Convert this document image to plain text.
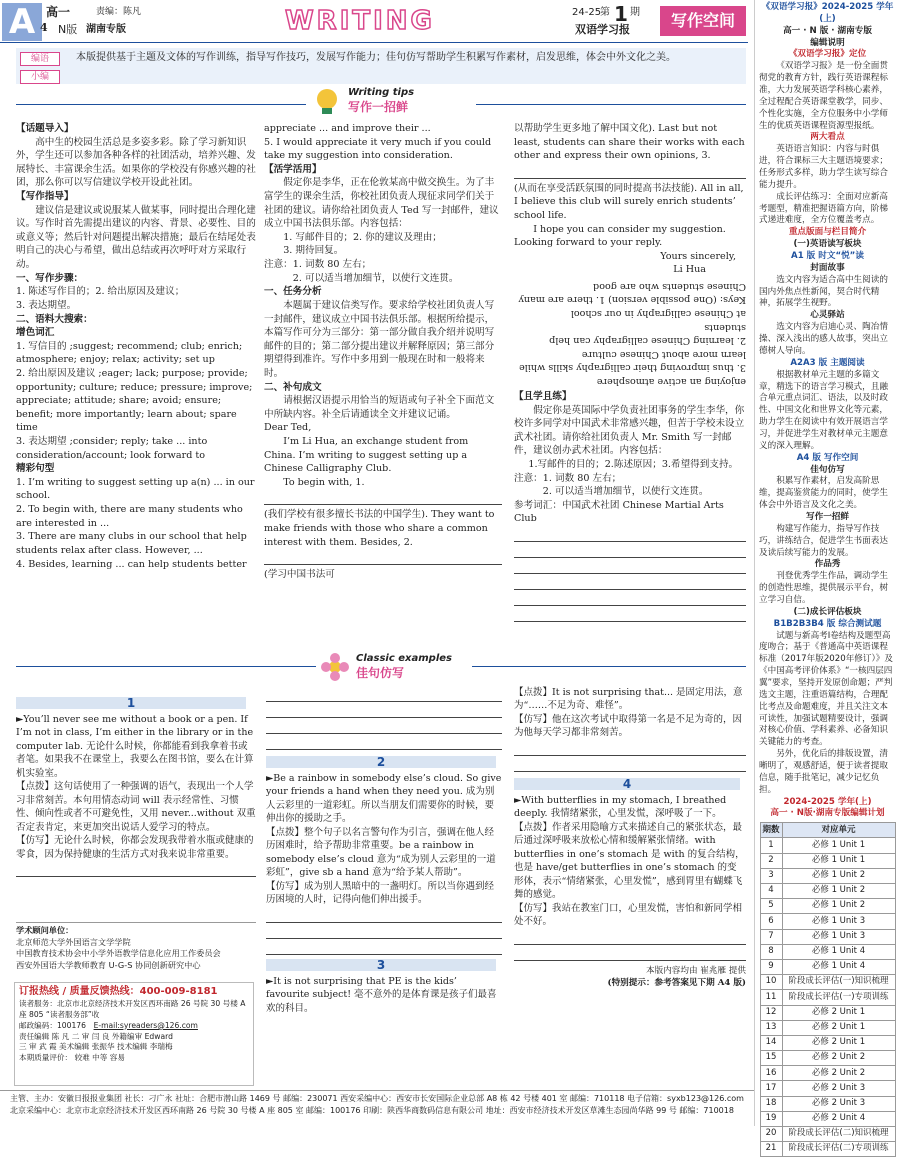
A 高一	责编：陈凡
4 N版 湖南专版	WRITING	24-25
第 1 期
双语学习报	写作空间
编语
小编
本版提供基于主题及文体的写作训练，指导写作技巧，发展写作能力；佳句仿写帮助学生积累写作素材，启发思维，体会中外文化之美。
Writing tips
写作一招鲜
【话题导入】
高中生的校园生活总是多姿多彩。除了学习新知识外，学生还可以参加各种各样的社团活动，培养兴趣、发展特长、丰富课余生活。如果你的学校没有你感兴趣的社团，那么你可以写信建议学校开设此社团。
【写作指导】
建议信是建议或说服某人做某事，同时提出合理化建议。写作时首先需提出建议的内容、背景、必要性、目的或意义等；然后针对问题提出解决措施；最后在结尾处表明自己的决心与希望，做出总结或再次呼吁对方采取行动。
一、写作步骤：
1. 陈述写作目的；2. 给出原因及建议；
3. 表达期望。
二、语料大搜索：
增色词汇
1. 写信目的 ;suggest; recommend; club; enrich; atmosphere; enjoy; relax; activity; set up
2. 给出原因及建议 ;eager; lack; purpose; provide; opportunity; culture; reduce; pressure; improve; appreciate; attitude; share; avoid; ensure; benefit; more importantly; learn about; spare time
3. 表达期望 ;consider; reply; take ... into consideration/account; look forward to
精彩句型
1. I’m writing to suggest setting up a(n) ... in our school.
2. To begin with, there are many students who are interested in ...
3. There are many clubs in our school that help students relax after class. However, ...
4. Besides, learning ... can help students better
appreciate ... and improve their ...
5. I would appreciate it very much if you could take my suggestion into consideration.
【活学活用】
假定你是李华，正在伦敦某高中做交换生。为了丰富学生的课余生活，你校社团负责人现征求同学们关于社团的建议。请你给社团负责人 Ted 写一封邮件，建议成立中国书法俱乐部。内容包括：
1. 写邮件目的；2. 你的建议及理由；
3. 期待回复。
注意：1. 词数 80 左右；
2. 可以适当增加细节，以使行文连贯。
一、任务分析
本题属于建议信类写作。要求给学校社团负责人写一封邮件，建议成立中国书法俱乐部。根据所给提示，本篇写作可分为三部分：第一部分做自我介绍并说明写邮件的目的；第二部分提出建议并解释原因；第三部分期望得到准许。写作中多用到一般现在时和一般将来时。
二、补句成文
请根据汉语提示用恰当的短语或句子补全下面范文中所缺内容。补全后请通读全文并建议记诵。
Dear Ted,
I’m Li Hua, an exchange student from China. I’m writing to suggest setting up a Chinese Calligraphy Club.
To begin with, 1.
(我们学校有很多擅长书法的中国学生). They want to make friends with those who share a common interest with them. Besides, 2.
(学习中国书法可
以帮助学生更多地了解中国文化). Last but not least, students can share their works with each other and express their own opinions, 3.
(从而在享受活跃氛围的同时提高书法技能). All in all, I believe this club will surely enrich students’ school life.
I hope you can consider my suggestion. Looking forward to your reply.
Yours sincerely,
Li Hua
enjoying an active atmosphere
3. thus improving their calligraphy skills while
learn more about Chinese culture
2. learning Chinese calligraphy can help students
at Chinese calligraphy in our school
Keys: (One possible version) 1. there are many Chinese students who are good
【且学且练】
假定你是英国际中学负责社团事务的学生李华，你校许多同学对中国武术非常感兴趣，但苦于学校未设立武术社团。请你给社团负责人 Mr. Smith 写一封邮件，建议创办武术社团。内容包括：
1.写邮件的目的；2.陈述原因；3.希望得到支持。
注意：1. 词数 80 左右；
2. 可以适当增加细节，以使行文连贯。
参考词汇：中国武术社团 Chinese Martial Arts Club
Classic examples
佳句仿写
1
►You’ll never see me without a book or a pen. If I’m not in class, I’m either in the library or in the computer lab. 无论什么时候，你都能看到我拿着书或者笔。如果我不在课堂上，我要么在图书馆，要么在计算机实验室。
【点拨】这句话使用了一种强调的语气，表现出一个人学习非常刻苦。本句用情态动词 will 表示经常性、习惯性、倾向性或者不可避免性，又用 never...without 双重否定表肯定，来更加突出说话人爱学习的特点。
【仿写】无论什么时候，你都会发现我带着水瓶或健康的零食，因为保持健康的生活方式对我来说非常重要。
学术顾问单位：
北京师范大学外国语言文学学院
中国教育技术协会中小学外语教学信息化应用工作委员会
西安外国语大学教师教育 U-G-S 协同创新研究中心
订报热线 / 质量反馈热线：400-009-8181
读者服务：北京市北京经济技术开发区西环南路 26 号院 30 号楼 A 座 805 “读者服务部”收
邮政编码：100176　 E-mail:syreaders@126.com
责任编辑 陈 凡 二 审 闫 良 外籍编审 Edward
三 审 武 霞 美术编辑 张振华 技术编辑 李瑞梅
本期质量评价： 较难 中等 容易
2
►Be a rainbow in somebody else’s cloud. So give your friends a hand when they need you. 成为别人云彩里的一道彩虹。所以当朋友们需要你的时候，要伸出你的援助之手。
【点拨】整个句子以名言警句作为引言，强调在他人经历困难时，给予帮助非常重要。be a rainbow in somebody else’s cloud 意为“成为别人云彩里的一道彩虹”，give sb a hand 意为“给予某人帮助”。
【仿写】成为别人黑暗中的一盏明灯。所以当你遇到经历困境的人时，记得向他们伸出援手。
3
►It is not surprising that PE is the kids’ favourite subject! 毫不意外的是体育课是孩子们最喜欢的科目。
【点拨】It is not surprising that... 是固定用法，意为“……不足为奇、难怪”。
【仿写】他在这次考试中取得第一名是不足为奇的，因为他每天学习都非常刻苦。
4
►With butterflies in my stomach, I breathed deeply. 我情绪紧张，心里发慌，深呼吸了一下。
【点拨】作者采用隐喻方式来描述自己的紧张状态，最后通过深呼吸来放松心情和缓解紧张情绪。with butterflies in one’s stomach 是 with 的复合结构，也是 have/get butterflies in one’s stomach 的变形体，表示“情绪紧张，心里发慌”，感到胃里有蝴蝶飞舞的感觉。
【仿写】我站在教室门口，心里发慌，害怕和新同学相处不好。
本版内容均由 崔兆雁 提供
(特别提示：参考答案见下期 A4 版)
主管、主办：安徽日报报业集团 社长：刁广永 社址：合肥市潜山路 1469 号 邮编：230071 西安采编中心：西安市长安国际企业总部 A8 栋 42 号楼 401 室 邮编：710118 电子信箱：syxb123@126.com
北京采编中心：北京市北京经济技术开发区西环南路 26 号院 30 号楼 A 座 805 室 邮编：100176 印刷：陕西华商数码信息有限公司 地址：西安市经济技术开发区草滩生态园尚华路 99 号 邮编：710018
《双语学习报》2024-2025 学年(上)
高一 · N 版 · 湖南专版
编辑说明
《双语学习报》定位
《双语学习报》是一份全面贯彻党的教育方针，践行英语课程标准，大力发展英语学科核心素养，全过程配合英语课堂教学，同步、个性化实施，全方位服务中小学师生的优质英语课程资源型报纸。
两大看点
英语语言知识：内容与时俱进，符合课标三大主题语境要求；任务形式多样，助力学生读写综合能力提升。
成长评估练习：全面对应新高考题型，精准把握语篇方向，阶梯式递进难度，全方位覆盖考点。
重点版面与栏目简介
(一)英语读写板块
A1 版 时文“悦”读
封面故事
选文内容为适合高中生阅读的国内外焦点性新闻，契合时代精神，拓展学生视野。
心灵驿站
选文内容为启迪心灵、陶冶情操、深入浅出的感人故事，突出立德树人导向。
A2A3 版 主题阅读
根据教材单元主题的多篇文章，精选下的语言学习模式，且融合单元重点词汇、语法，以及时政性、中国文化和世界文化等元素，助力学生在阅读中有效开展语言学习，并促进学生对教材单元主题意义的深入理解。
A4 版 写作空间
佳句仿写
积累写作素材，启发高阶思维，提高鉴赏能力的同时，使学生体会中外语言及文化之美。
写作一招鲜
构建写作能力，指导写作技巧，讲练结合，促进学生书面表达及读后续写能力的发展。
作品秀
刊登优秀学生作品，调动学生的创造性思维，提供展示平台，树立学习自信。
(二)成长评估板块
B1B2B3B4 版 综合测试题
试题与新高考Ⅰ卷结构及题型高度吻合；基于《普通高中英语课程标准（2017年版2020年修订）》及《中国高考评价体系》“一核四层四翼”要求，坚持开发原创命题；严判选文主题，注重语篇结构，合理配比考点及命题难度，并且关注文本可读性，加强试题精要设计，强调对核心价值、学科素养、必备知识关键能力的考查。
另外，优化后的排版设置，清晰明了，观感舒适，便于读者提取信息，随手批笔记，减少记忆负担。
2024-2025 学年(上)
高一 · N版·湖南专版编辑计划
期数	对应单元
1	必修 1 Unit 1
2	必修 1 Unit 1
3	必修 1 Unit 2
4	必修 1 Unit 2
5	必修 1 Unit 2
6	必修 1 Unit 3
7	必修 1 Unit 3
8	必修 1 Unit 4
9	必修 1 Unit 4
10	阶段成长评估(一)知识梳理
11	阶段成长评估(一)专项训练
12	必修 2 Unit 1
13	必修 2 Unit 1
14	必修 2 Unit 1
15	必修 2 Unit 2
16	必修 2 Unit 2
17	必修 2 Unit 3
18	必修 2 Unit 3
19	必修 2 Unit 4
20	阶段成长评估(二)知识梳理
21	阶段成长评估(二)专项训练
